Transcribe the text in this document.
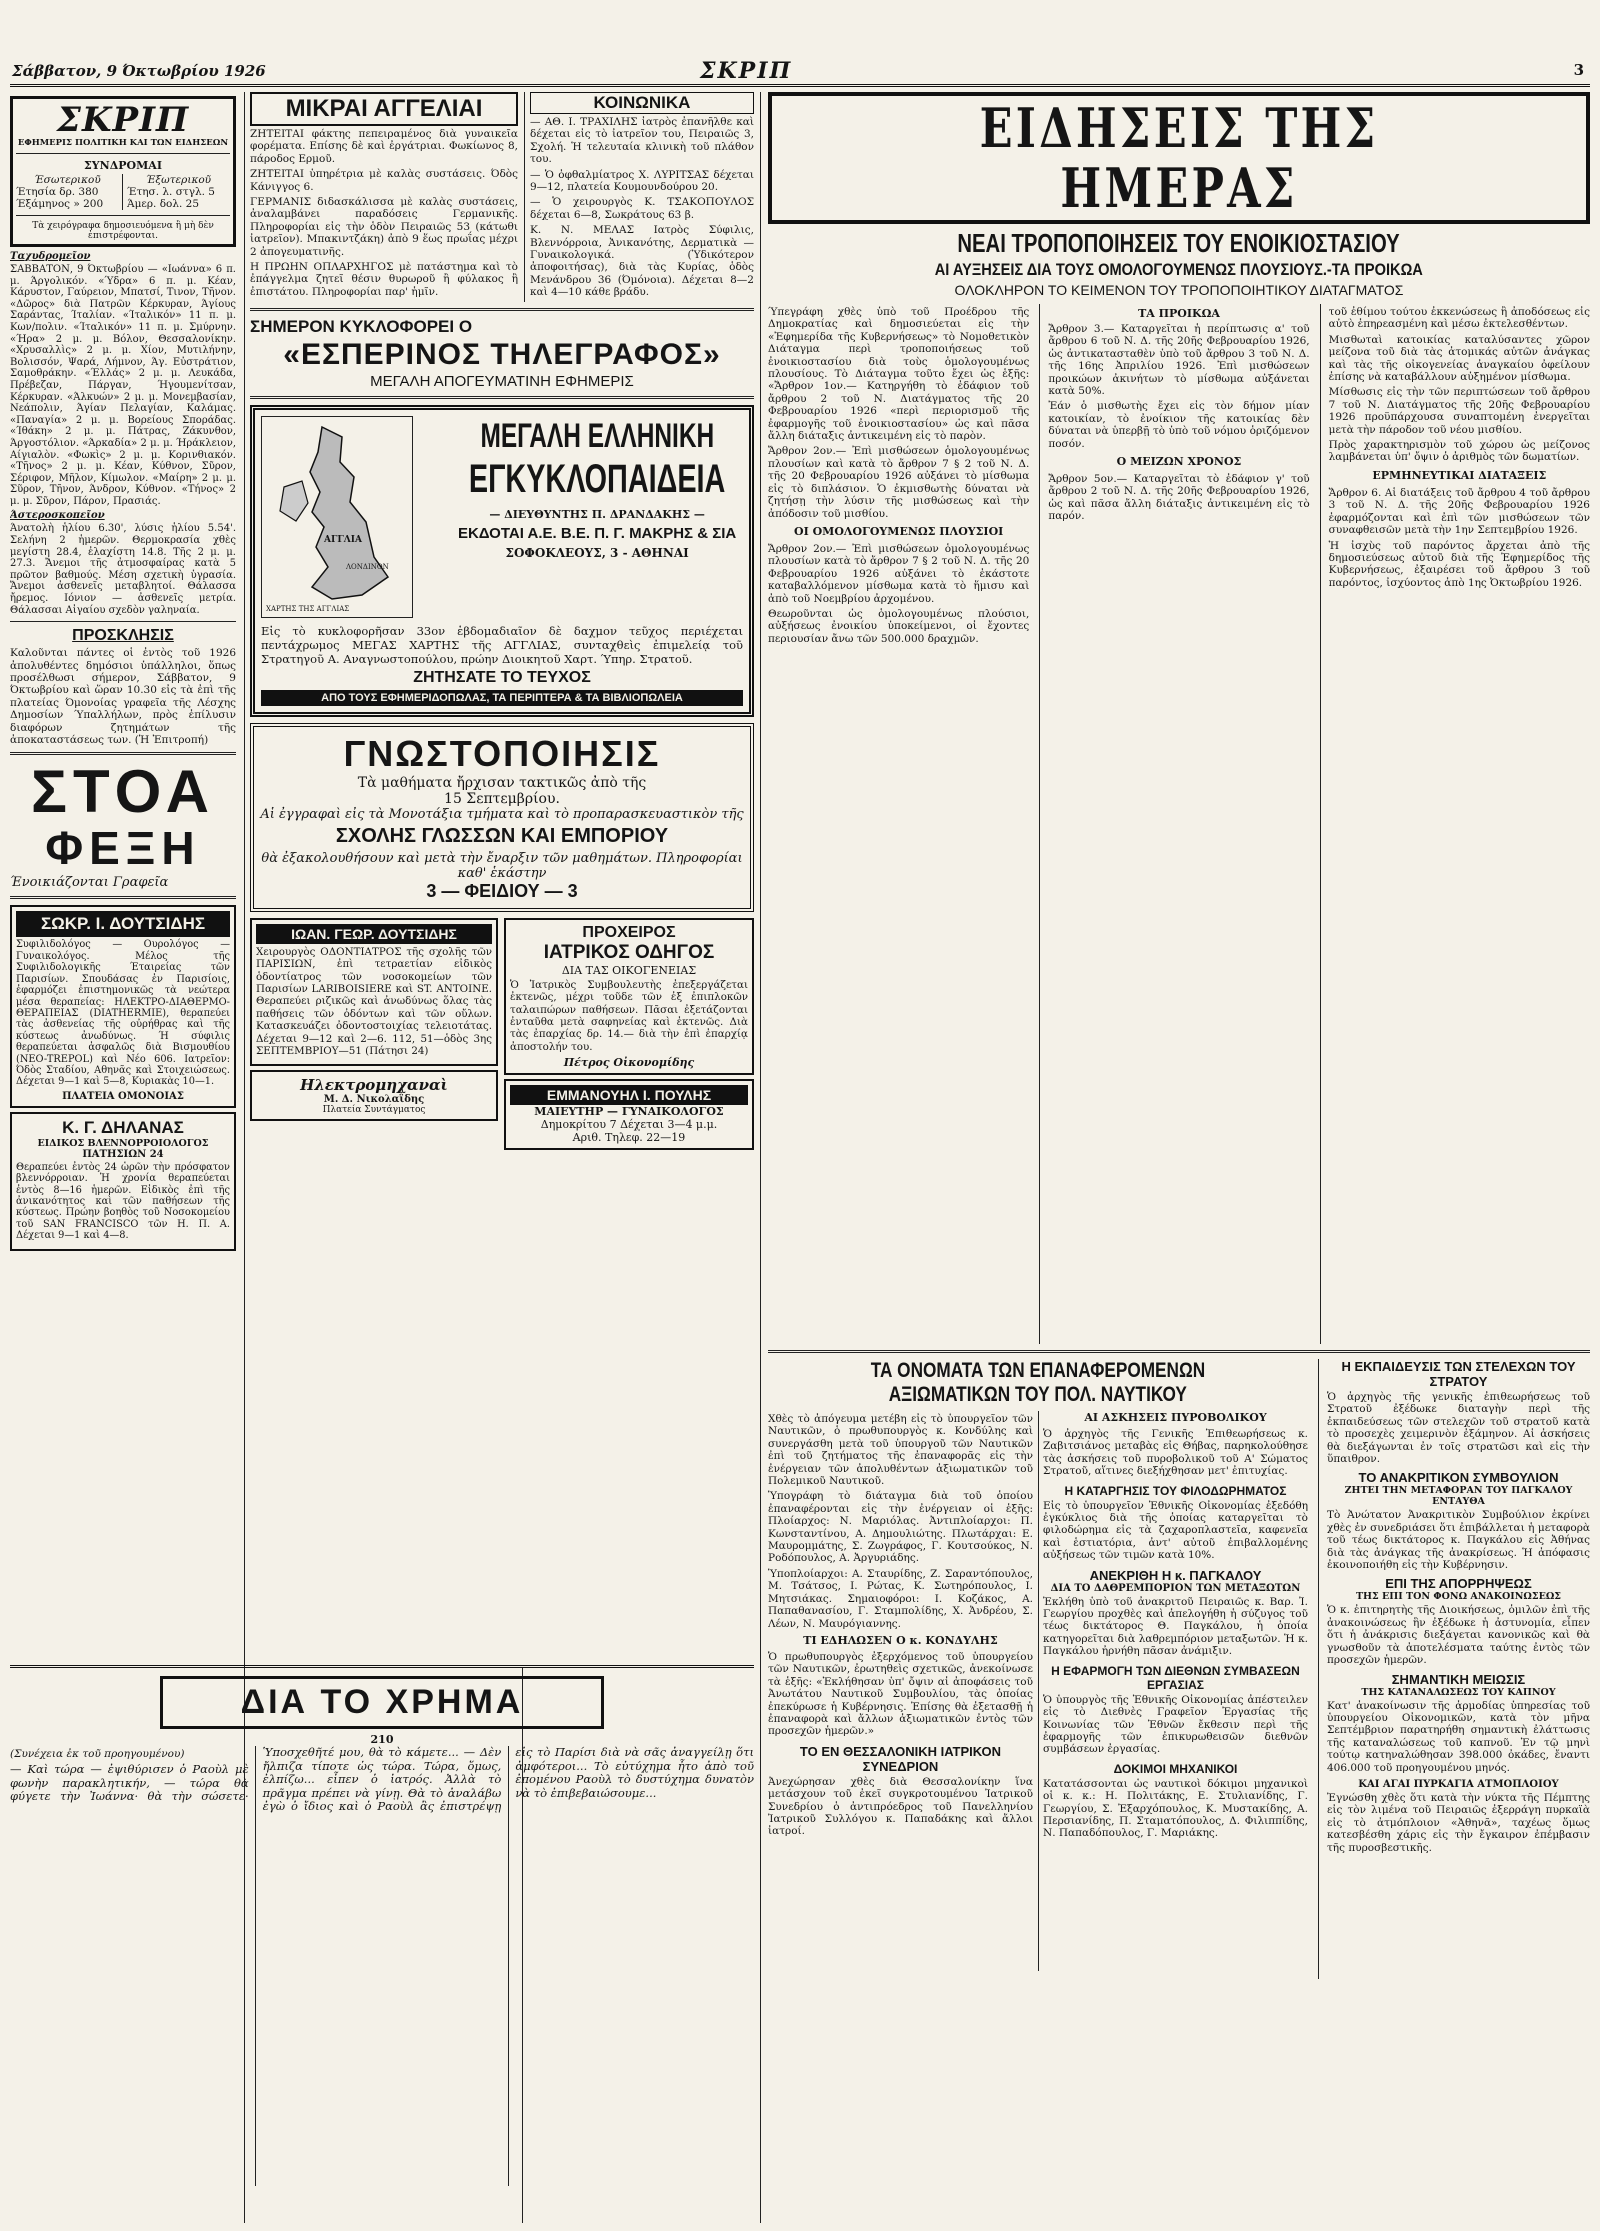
Σάββατον, 9 Όκτωβρίου 1926	ΣΚΡΙΠ	3
ΣΚΡΙΠ
ΕΦΗΜΕΡΙΣ ΠΟΛΙΤΙΚΗ ΚΑΙ ΤΩΝ ΕΙΔΗΣΕΩΝ
ΣΥΝΔΡΟΜΑΙ
Έσωτερικοῦ
Έτησία δρ. 380
Έξάμηνος » 200
Έξωτερικοῦ
Έτησ. λ. στγλ. 5
Άμερ. δολ. 25
Τὰ χειρόγραφα δημοσιευόμενα ἢ μὴ δὲν ἐπιστρέφονται.
Ταχυδρομεῖον
ΣΑΒΒΑΤΟΝ, 9 Όκτωβρίου — «Ιωάννα» 6 π. μ. Άργολικόν. «Ύδρα» 6 π. μ. Κέαν, Κάρυστον, Γαύρειον, Μπατσί, Τινον, Τῆνον. «Δῶρος» διὰ Πατρῶν Κέρκυραν, Άγίους Σαράντας, Ίταλίαν. «Ίταλικόν» 11 π. μ. Κων/πολιν. «Ίταλικόν» 11 π. μ. Σμύρνην. «Ήρα» 2 μ. μ. Βόλον, Θεσσαλονίκην. «Χρυσαλλὶς» 2 μ. μ. Χίον, Μυτιλήνην, Βολισσόν, Ψαρά, Λήμνον, Άγ. Εὐστράτιον, Σαμοθράκην. «Έλλάς» 2 μ. μ. Λευκάδα, Πρέβεζαν, Πάργαν, Ήγουμενίτσαν, Κέρκυραν. «Άλκυών» 2 μ. μ. Μονεμβασίαν, Νεάπολιν, Άγίαν Πελαγίαν, Καλάμας. «Παναγία» 2 μ. μ. Βορείους Σποράδας. «Ίθάκη» 2 μ. μ. Πάτρας, Ζάκυνθον, Άργοστόλιον. «Άρκαδία» 2 μ. μ. Ήράκλειον, Αίγιαλὸν. «Φωκὶς» 2 μ. μ. Κορινθιακόν. «Τῆνος» 2 μ. μ. Κέαν, Κύθνον, Σῦρον, Σέριφον, Μῆλον, Κίμωλον. «Μαίρη» 2 μ. μ. Σῦρον, Τῆνον, Άνδρον, Κύθνον. «Τήνος» 2 μ. μ. Σῦρον, Πάρον, Πρασιάς.
Άστεροσκοπεῖον
Άνατολὴ ἡλίου 6.30', λύσις ἡλίου 5.54'. Σελήνη 2 ἡμερῶν. Θερμοκρασία χθὲς μεγίστη 28.4, ἐλαχίστη 14.8. Τῆς 2 μ. μ. 27.3. Ἄνεμοι τῆς ἀτμοσφαίρας κατὰ 5 πρῶτον βαθμούς. Μέση σχετικὴ ὑγρασία. Ἄνεμοι ἀσθενεῖς μεταβλητοί. Θάλασσα ἤρεμος. Ιόνιον — ἀσθενεῖς μετρία. Θάλασσαι Αἰγαίου σχεδὸν γαληναία.
ΠΡΟΣΚΛΗΣΙΣ
Καλοῦνται πάντες οἱ ἐντὸς τοῦ 1926 ἀπολυθέντες δημόσιοι ὑπάλληλοι, ὅπως προσέλθωσι σήμερον, Σάββατον, 9 Όκτωβρίου καὶ ὥραν 10.30 εἰς τὰ ἐπὶ τῆς πλατείας Όμονοίας γραφεῖα τῆς Λέσχης Δημοσίων Ύπαλλήλων, πρὸς ἐπίλυσιν διαφόρων ζητημάτων τῆς ἀποκαταστάσεως των. (Ἡ Ἐπιτροπή)
ΣΤΟΑ
ΦΕΞΗ
Ένοικιάζονται Γραφεῖα
ΣΩΚΡ. Ι. ΔΟΥΤΣΙΔΗΣ
Συφιλιδολόγος — Ουρολόγος — Γυναικολόγος. Μέλος τῆς Συφιλιδολογικῆς Έταιρείας τῶν Παρισίων. Σπουδάσας ἐν Παρισίοις, ἐφαρμόζει ἐπιστημονικῶς τὰ νεώτερα μέσα θεραπείας: ΗΛΕΚΤΡΟ-ΔΙΑΘΕΡΜΟ-ΘΕΡΑΠΕΙΑΣ (DIATHERMIE), θεραπεύει τὰς ἀσθενείας τῆς οὐρήθρας καὶ τῆς κύστεως ἀνωδύνως. Ή σύφιλις θεραπεύεται ἀσφαλῶς διὰ Βισμουθίου (NEO-TREPOL) καὶ Νέο 606. Ιατρεῖον: Όδὸς Σταδίου, Αθηνᾶς καὶ Στοιχειώσεως. Δέχεται 9—1 καὶ 5—8, Κυριακὰς 10—1.
ΠΛΑΤΕΙΑ ΟΜΟΝΟΙΑΣ
Κ. Γ. ΔΗΛΑΝΑΣ
ΕΙΔΙΚΟΣ ΒΛΕΝΝΟΡΡΟΙΟΛΟΓΟΣ
ΠΑΤΗΣΙΩΝ 24
Θεραπεύει ἐντὸς 24 ὡρῶν τὴν πρόσφατον βλεννόρροιαν. Ἡ χρονία θεραπεύεται ἐντὸς 8—16 ἡμερῶν. Εἰδικὸς ἐπὶ τῆς ἀνικανότητος καὶ τῶν παθήσεων τῆς κύστεως. Πρώην βοηθὸς τοῦ Νοσοκομείου τοῦ SAN FRANCISCO τῶν Η. Π. Α. Δέχεται 9—1 καὶ 4—8.
ΜΙΚΡΑΙ ΑΓΓΕΛΙΑΙ
ΖΗΤΕΙΤΑΙ φάκτης πεπειραμένος διὰ γυναικεῖα φορέματα. Επίσης δὲ καὶ ἐργάτριαι. Φωκίωνος 8, πάροδος Ερμοῦ.
ΖΗΤΕΙΤΑΙ ὑπηρέτρια μὲ καλὰς συστάσεις. Όδὸς Κάνιγγος 6.
ΓΕΡΜΑΝΙΣ διδασκάλισσα μὲ καλὰς συστάσεις, ἀναλαμβάνει παραδόσεις Γερμανικῆς. Πληροφορίαι εἰς τὴν ὁδὸν Πειραιῶς 53 (κάτωθι ἰατρεῖον). Μπακιντζάκη) ἀπὸ 9 ἕως πρωΐας μέχρι 2 ἀπογευματινῆς.
Η ΠΡΩΗΝ ΟΠΛΑΡΧΗΓΟΣ μὲ πατάστημα καὶ τὸ ἐπάγγελμα ζητεῖ θέσιν θυρωροῦ ἢ φύλακος ἢ ἐπιστάτου. Πληροφορίαι παρ' ἡμῖν.
ΚΟΙΝΩΝΙΚΑ
— ΑΘ. Ι. ΤΡΑΧΙΛΗΣ ἰατρὸς ἐπανῆλθε καὶ δέχεται εἰς τὸ ἰατρεῖον του, Πειραιῶς 3, Σχολή. Ἡ τελευταία κλινικὴ τοῦ πλάθον του.
— Ὁ ὀφθαλμίατρος Χ. ΛΥΡΙΤΣΑΣ δέχεται 9—12, πλατεία Κουμουνδούρου 20.
— Ὁ χειρουργὸς Κ. ΤΣΑΚΟΠΟΥΛΟΣ δέχεται 6—8, Σωκράτους 63 β.
Κ. Ν. ΜΕΛΑΣ Ιατρὸς Σύφιλις, Βλεννόρροια, Ἀνικανότης, Δερματικὰ — Γυναικολογικά. (Ὑδικότερον ἀποφοιτήσας), διὰ τὰς Κυρίας, ὁδὸς Μενάνδρου 36 (Όμόνοια). Δέχεται 8—2 καὶ 4—10 κάθε βράδυ.
ΣΗΜΕΡΟΝ ΚΥΚΛΟΦΟΡΕΙ Ο
«ΕΣΠΕΡΙΝΟΣ ΤΗΛΕΓΡΑΦΟΣ»
ΜΕΓΑΛΗ ΑΠΟΓΕΥΜΑΤΙΝΗ ΕΦΗΜΕΡΙΣ
ΑΓΓΛΙΑ
ΛΟΝΔΙΝΟΝ
ΧΑΡΤΗΣ ΤΗΣ ΑΓΓΛΙΑΣ
ΜΕΓΑΛΗ ΕΛΛΗΝΙΚΗ
ΕΓΚΥΚΛΟΠΑΙΔΕΙΑ
— ΔΙΕΥΘΥΝΤΗΣ Π. ΔΡΑΝΔΑΚΗΣ —
ΕΚΔΟΤΑΙ Α.Ε. Β.Ε. Π. Γ. ΜΑΚΡΗΣ & ΣΙΑ
ΣΟΦΟΚΛΕΟΥΣ, 3 - ΑΘΗΝΑΙ
Εἰς τὸ κυκλοφορῆσαν 33ον ἑβδομαδιαῖον δὲ δαχμον τεῦχος περιέχεται πεντάχρωμος ΜΕΓΑΣ ΧΑΡΤΗΣ τῆς ΑΓΓΛΙΑΣ, συνταχθεὶς ἐπιμελείᾳ τοῦ Στρατηγοῦ Α. Αναγνωστοπούλου, πρώην Διοικητοῦ Χαρτ. Ύπηρ. Στρατοῦ.
ΖΗΤΗΣΑΤΕ ΤΟ ΤΕΥΧΟΣ
ΑΠΟ ΤΟΥΣ ΕΦΗΜΕΡΙΔΟΠΩΛΑΣ, ΤΑ ΠΕΡΙΠΤΕΡΑ & ΤΑ ΒΙΒΛΙΟΠΩΛΕΙΑ
ΓΝΩΣΤΟΠΟΙΗΣΙΣ
Τὰ μαθήματα ἤρχισαν τακτικῶς ἀπὸ τῆς
15 Σεπτεμβρίου.
Αἱ ἐγγραφαὶ εἰς τὰ Μονοτάξια τμήματα καὶ τὸ προπαρασκευαστικὸν τῆς
ΣΧΟΛΗΣ ΓΛΩΣΣΩΝ ΚΑΙ ΕΜΠΟΡΙΟΥ
θὰ ἐξακολουθήσουν καὶ μετὰ τὴν ἔναρξιν τῶν μαθημάτων. Πληροφορίαι καθ' ἑκάστην
3 — ΦΕΙΔΙΟΥ — 3
ΙΩΑΝ. ΓΕΩΡ. ΔΟΥΤΣΙΔΗΣ
Χειρουργὸς ΟΔΟΝΤΙΑΤΡΟΣ τῆς σχολῆς τῶν ΠΑΡΙΣΙΩΝ, ἐπὶ τετραετίαν εἰδικὸς ὁδοντίατρος τῶν νοσοκομείων τῶν Παρισίων LARIBOISIERE καὶ ST. ANTOINE. Θεραπεύει ριζικῶς καὶ ἀνωδύνως ὅλας τὰς παθήσεις τῶν ὀδόντων καὶ τῶν οὔλων. Κατασκευάζει ὀδοντοστοιχίας τελειοτάτας. Δέχεται 9—12 καὶ 2—6. 112, 51—ὁδὸς 3ης ΣΕΠΤΕΜΒΡΙΟΥ—51 (Πάτησι 24)
Ηλεκτρομηχαναὶ
Μ. Δ. Νικολαΐδης
Πλατεία Συντάγματος
ΠΡΟΧΕΙΡΟΣ
ΙΑΤΡΙΚΟΣ ΟΔΗΓΟΣ
ΔΙΑ ΤΑΣ ΟΙΚΟΓΕΝΕΙΑΣ
Ὁ Ἰατρικὸς Συμβουλευτὴς ἐπεξεργάζεται ἐκτενῶς, μέχρι τοῦδε τῶν ἐξ ἐπιπλοκῶν ταλαιπώρων παθήσεων. Πᾶσαι ἐξετάζονται ἐνταῦθα μετὰ σαφηνείας καὶ ἐκτενῶς. Διὰ τὰς ἐπαρχίας δρ. 14.— διὰ τὴν ἐπὶ ἐπαρχίᾳ ἀποστολήν του.
Πέτρος Οἰκονομίδης
ΕΜΜΑΝΟΥΗΛ Ι. ΠΟΥΛΗΣ
ΜΑΙΕΥΤΗΡ — ΓΥΝΑΙΚΟΛΟΓΟΣ
Δημοκρίτου 7 Δέχεται 3—4 μ.μ.
Αριθ. Τηλεφ. 22—19
ΔΙΑ ΤΟ ΧΡΗΜΑ
210
(Συνέχεια ἐκ τοῦ προηγουμένου)
— Καὶ τώρα — ἐψιθύρισεν ὁ Ραοὺλ μὲ φωνὴν παρακλητικήν, — τώρα θὰ φύγετε τὴν Ἰωάννα· θὰ τὴν σώσετε· Ὑποσχεθῆτέ μου, θὰ τὸ κάμετε... — Δὲν ἤλπιζα τίποτε ὡς τώρα. Τώρα, ὅμως, ἐλπίζω... εἶπεν ὁ ἰατρός. Ἀλλὰ τὸ πρᾶγμα πρέπει νὰ γίνῃ. Θὰ τὸ ἀναλάβω ἐγὼ ὁ ἴδιος καὶ ὁ Ραοὺλ ἂς ἐπιστρέψῃ εἰς τὸ Παρίσι διὰ νὰ σᾶς ἀναγγείλῃ ὅτι ἀμφότεροι... Τὸ εὐτύχημα ἦτο ἀπὸ τοῦ ἐπομένου Ραοὺλ τὸ δυστύχημα δυνατὸν νὰ τὸ ἐπιβεβαιώσουμε...
ΕΙΔΗΣΕΙΣ ΤΗΣ ΗΜΕΡΑΣ
ΝΕΑΙ ΤΡΟΠΟΠΟΙΗΣΕΙΣ ΤΟΥ ΕΝΟΙΚΙΟΣΤΑΣΙΟΥ
ΑΙ ΑΥΞΗΣΕΙΣ ΔΙΑ ΤΟΥΣ ΟΜΟΛΟΓΟΥΜΕΝΩΣ ΠΛΟΥΣΙΟΥΣ.-ΤΑ ΠΡΟΙΚΩΑ
ΟΛΟΚΛΗΡΟΝ ΤΟ ΚΕΙΜΕΝΟΝ ΤΟΥ ΤΡΟΠΟΠΟΙΗΤΙΚΟΥ ΔΙΑΤΑΓΜΑΤΟΣ
Ύπεγράφη χθὲς ὑπὸ τοῦ Προέδρου τῆς Δημοκρατίας καὶ δημοσιεύεται εἰς τὴν «Ἐφημερίδα τῆς Κυβερνήσεως» τὸ Νομοθετικὸν Διάταγμα περὶ τροποποιήσεως τοῦ ἐνοικιοστασίου διὰ τοὺς ὁμολογουμένως πλουσίους. Τὸ Διάταγμα τοῦτο ἔχει ὡς ἑξῆς: «Ἄρθρον 1ον.— Κατηργήθη τὸ ἐδάφιον τοῦ ἄρθρου 2 τοῦ Ν. Διατάγματος τῆς 20 Φεβρουαρίου 1926 «περὶ περιορισμοῦ τῆς ἐφαρμογῆς τοῦ ἐνοικιοστασίου» ὡς καὶ πᾶσα ἄλλη διάταξις ἀντικειμένη εἰς τὸ παρὸν.
Ἄρθρον 2ον.— Ἐπὶ μισθώσεων ὁμολογουμένως πλουσίων καὶ κατὰ τὸ ἄρθρον 7 § 2 τοῦ Ν. Δ. τῆς 20 Φεβρουαρίου 1926 αὐξάνει τὸ μίσθωμα εἰς τὸ διπλάσιον. Ὁ ἐκμισθωτὴς δύναται νὰ ζητήσῃ τὴν λύσιν τῆς μισθώσεως καὶ τὴν ἀπόδοσιν τοῦ μισθίου.
ΟΙ ΟΜΟΛΟΓΟΥΜΕΝΩΣ ΠΛΟΥΣΙΟΙ
Ἄρθρον 2ον.— Ἐπὶ μισθώσεων ὁμολογουμένως πλουσίων κατὰ τὸ ἄρθρον 7 § 2 τοῦ Ν. Δ. τῆς 20 Φεβρουαρίου 1926 αὐξάνει τὸ ἐκάστοτε καταβαλλόμενον μίσθωμα κατὰ τὸ ἥμισυ καὶ ἀπὸ τοῦ Νοεμβρίου ἀρχομένου.
Θεωροῦνται ὡς ὁμολογουμένως πλούσιοι, αὐξήσεως ἐνοικίου ὑποκείμενοι, οἱ ἔχοντες περιουσίαν ἄνω τῶν 500.000 δραχμῶν.
ΤΑ ΠΡΟΙΚΩΑ
Ἄρθρον 3.— Καταργεῖται ἡ περίπτωσις α' τοῦ ἄρθρου 6 τοῦ Ν. Δ. τῆς 20ῆς Φεβρουαρίου 1926, ὡς ἀντικατασταθὲν ὑπὸ τοῦ ἄρθρου 3 τοῦ Ν. Δ. τῆς 16ης Ἀπριλίου 1926. Ἐπὶ μισθώσεων προικώων ἀκινήτων τὸ μίσθωμα αὐξάνεται κατὰ 50%.
Ἐάν ὁ μισθωτὴς ἔχει εἰς τὸν δήμον μίαν κατοικίαν, τὸ ἐνοίκιον τῆς κατοικίας δὲν δύναται νὰ ὑπερβῇ τὸ ὑπὸ τοῦ νόμου ὁριζόμενον ποσόν.
Ο ΜΕΙΖΩΝ ΧΡΟΝΟΣ
Ἄρθρον 5ον.— Καταργεῖται τὸ ἐδάφιον γ' τοῦ ἄρθρου 2 τοῦ Ν. Δ. τῆς 20ῆς Φεβρουαρίου 1926, ὡς καὶ πᾶσα ἄλλη διάταξις ἀντικειμένη εἰς τὸ παρόν.
τοῦ ἐθίμου τούτου ἐκκενώσεως ἢ ἀποδόσεως εἰς αὐτὸ ἐπηρεασμένη καὶ μέσω ἐκτελεσθέντων.
Μισθωταὶ κατοικίας καταλύσαντες χῶρον μείζονα τοῦ διὰ τὰς ἀτομικάς αὐτῶν ἀνάγκας καὶ τὰς τῆς οἰκογενείας ἀναγκαίου ὀφείλουν ἐπίσης νὰ καταβάλλουν αὐξημένον μίσθωμα.
Μίσθωσις εἰς τὴν τῶν περιπτώσεων τοῦ ἄρθρου 7 τοῦ Ν. Διατάγματος τῆς 20ῆς Φεβρουαρίου 1926 προϋπάρχουσα συναπτομένη ἐνεργεῖται μετὰ τὴν πάροδον τοῦ νέου μισθίου.
Πρὸς χαρακτηρισμὸν τοῦ χώρου ὡς μείζονος λαμβάνεται ὑπ' ὄψιν ὁ ἀριθμὸς τῶν δωματίων.
ΕΡΜΗΝΕΥΤΙΚΑΙ ΔΙΑΤΑΞΕΙΣ
Ἄρθρον 6. Αἱ διατάξεις τοῦ ἄρθρου 4 τοῦ ἄρθρου 3 τοῦ Ν. Δ. τῆς 20ῆς Φεβρουαρίου 1926 ἐφαρμόζονται καὶ ἐπὶ τῶν μισθώσεων τῶν συναφθεισῶν μετὰ τὴν 1ην Σεπτεμβρίου 1926.
Ἡ ἰσχὺς τοῦ παρόντος ἄρχεται ἀπὸ τῆς δημοσιεύσεως αὐτοῦ διὰ τῆς Ἐφημερίδος τῆς Κυβερνήσεως, ἐξαιρέσει τοῦ ἄρθρου 3 τοῦ παρόντος, ἰσχύοντος ἀπὸ 1ης Ὀκτωβρίου 1926.
ΤΑ ΟΝΟΜΑΤΑ ΤΩΝ ΕΠΑΝΑΦΕΡΟΜΕΝΩΝ
ΑΞΙΩΜΑΤΙΚΩΝ ΤΟΥ ΠΟΛ. ΝΑΥΤΙΚΟΥ
Χθὲς τὸ ἀπόγευμα μετέβη εἰς τὸ ὑπουργεῖον τῶν Ναυτικῶν, ὁ πρωθυπουργὸς κ. Κονδύλης καὶ συνεργάσθη μετὰ τοῦ ὑπουργοῦ τῶν Ναυτικῶν ἐπὶ τοῦ ζητήματος τῆς ἐπαναφορᾶς εἰς τὴν ἐνέργειαν τῶν ἀπολυθέντων ἀξιωματικῶν τοῦ Πολεμικοῦ Ναυτικοῦ.
Ὑπογράφη τὸ διάταγμα διὰ τοῦ ὁποίου ἐπαναφέρονται εἰς τὴν ἐνέργειαν οἱ ἑξῆς: Πλοίαρχος: Ν. Μαριόλας. Ἀντιπλοίαρχοι: Π. Κωνσταντίνου, Α. Δημουλιώτης. Πλωτάρχαι: Ε. Μαυρομμάτης, Σ. Ζωγράφος, Γ. Κουτσούκος, Ν. Ροδόπουλος, Α. Ἀργυριάδης.
Ὑποπλοίαρχοι: Α. Σταυρίδης, Ζ. Σαραντόπουλος, Μ. Τσάτσος, Ι. Ρώτας, Κ. Σωτηρόπουλος, Ι. Μητσιάκας. Σημαιοφόροι: Ι. Κοζάκος, Α. Παπαθανασίου, Γ. Σταμπολίδης, Χ. Ἀνδρέου, Σ. Λέων, Ν. Μαυρόγιαννης.
ΤΙ ΕΔΗΛΩΣΕΝ Ο κ. ΚΟΝΔΥΛΗΣ
Ὁ πρωθυπουργὸς ἐξερχόμενος τοῦ ὑπουργείου τῶν Ναυτικῶν, ἐρωτηθεὶς σχετικῶς, ἀνεκοίνωσε τὰ ἑξῆς: «Ἐκλήθησαν ὑπ' ὄψιν αἱ ἀποφάσεις τοῦ Ἀνωτάτου Ναυτικοῦ Συμβουλίου, τὰς ὁποίας ἐπεκύρωσε ἡ Κυβέρνησις. Ἐπίσης θὰ ἐξετασθῇ ἡ ἐπαναφορὰ καὶ ἄλλων ἀξιωματικῶν ἐντὸς τῶν προσεχῶν ἡμερῶν.»
ΤΟ ΕΝ ΘΕΣΣΑΛΟΝΙΚΗ ΙΑΤΡΙΚΟΝ ΣΥΝΕΔΡΙΟΝ
Ἀνεχώρησαν χθὲς διὰ Θεσσαλονίκην ἵνα μετάσχουν τοῦ ἐκεῖ συγκροτουμένου Ἰατρικοῦ Συνεδρίου ὁ ἀντιπρόεδρος τοῦ Πανελληνίου Ἰατρικοῦ Συλλόγου κ. Παπαδάκης καὶ ἄλλοι ἰατροί.
ΑΙ ΑΣΚΗΣΕΙΣ ΠΥΡΟΒΟΛΙΚΟΥ
Ὁ ἀρχηγὸς τῆς Γενικῆς Ἐπιθεωρήσεως κ. Ζαβιτσιάνος μεταβὰς εἰς Θήβας, παρηκολούθησε τὰς ἀσκήσεις τοῦ πυροβολικοῦ τοῦ Α' Σώματος Στρατοῦ, αἵτινες διεξήχθησαν μετ' ἐπιτυχίας.
Η ΚΑΤΑΡΓΗΣΙΣ ΤΟΥ ΦΙΛΟΔΩΡΗΜΑΤΟΣ
Εἰς τὸ ὑπουργεῖον Ἐθνικῆς Οἰκονομίας ἐξεδόθη ἐγκύκλιος διὰ τῆς ὁποίας καταργεῖται τὸ φιλοδώρημα εἰς τὰ ζαχαροπλαστεῖα, καφενεῖα καὶ ἑστιατόρια, ἀντ' αὐτοῦ ἐπιβαλλομένης αὐξήσεως τῶν τιμῶν κατὰ 10%.
ΑΝΕΚΡΙΘΗ Η κ. ΠΑΓΚΑΛΟΥ
ΔΙΑ ΤΟ ΔΑΘΡΕΜΠΟΡΙΟΝ ΤΩΝ ΜΕΤΑΞΩΤΩΝ
Ἐκλήθη ὑπὸ τοῦ ἀνακριτοῦ Πειραιῶς κ. Βαρ. Ἰ. Γεωργίου προχθὲς καὶ ἀπελογήθη ἡ σύζυγος τοῦ τέως δικτάτορος Θ. Παγκάλου, ἡ ὁποία κατηγορεῖται διὰ λαθρεμπόριον μεταξωτῶν. Ἡ κ. Παγκάλου ἠρνήθη πᾶσαν ἀνάμιξιν.
Η ΕΦΑΡΜΟΓΗ ΤΩΝ ΔΙΕΘΝΩΝ ΣΥΜΒΑΣΕΩΝ ΕΡΓΑΣΙΑΣ
Ὁ ὑπουργὸς τῆς Ἐθνικῆς Οἰκονομίας ἀπέστειλεν εἰς τὸ Διεθνὲς Γραφεῖον Ἐργασίας τῆς Κοινωνίας τῶν Ἐθνῶν ἔκθεσιν περὶ τῆς ἐφαρμογῆς τῶν ἐπικυρωθεισῶν διεθνῶν συμβάσεων ἐργασίας.
ΔΟΚΙΜΟΙ ΜΗΧΑΝΙΚΟΙ
Κατατάσσονται ὡς ναυτικοὶ δόκιμοι μηχανικοὶ οἱ κ. κ.: Η. Πολιτάκης, Ε. Στυλιανίδης, Γ. Γεωργίου, Σ. Ἐξαρχόπουλος, Κ. Μυστακίδης, Α. Περσιανίδης, Π. Σταματόπουλος, Δ. Φιλιππίδης, Ν. Παπαδόπουλος, Γ. Μαριάκης.
Η ΕΚΠΑΙΔΕΥΣΙΣ ΤΩΝ ΣΤΕΛΕΧΩΝ ΤΟΥ ΣΤΡΑΤΟΥ
Ὁ ἀρχηγὸς τῆς γενικῆς ἐπιθεωρήσεως τοῦ Στρατοῦ ἐξέδωκε διαταγὴν περὶ τῆς ἐκπαιδεύσεως τῶν στελεχῶν τοῦ στρατοῦ κατὰ τὸ προσεχὲς χειμερινὸν ἐξάμηνον. Αἱ ἀσκήσεις θὰ διεξάγωνται ἐν τοῖς στρατῶσι καὶ εἰς τὴν ὕπαιθρον.
ΤΟ ΑΝΑΚΡΙΤΙΚΟΝ ΣΥΜΒΟΥΛΙΟΝ
ΖΗΤΕΙ ΤΗΝ ΜΕΤΑΦΟΡΑΝ ΤΟΥ ΠΑΓΚΑΛΟΥ ΕΝΤΑΥΘΑ
Τὸ Ἀνώτατον Ἀνακριτικὸν Συμβούλιον ἐκρίνει χθὲς ἐν συνεδριάσει ὅτι ἐπιβάλλεται ἡ μεταφορὰ τοῦ τέως δικτάτορος κ. Παγκάλου εἰς Ἀθήνας διὰ τὰς ἀνάγκας τῆς ἀνακρίσεως. Ἡ ἀπόφασις ἐκοινοποιήθη εἰς τὴν Κυβέρνησιν.
ΕΠΙ ΤΗΣ ΑΠΟΡΡΗΨΕΩΣ
ΤΗΣ ΕΠΙ ΤΟΝ ΦΟΝΩ ΑΝΑΚΟΙΝΩΣΕΩΣ
Ὁ κ. ἐπιτηρητὴς τῆς Διοικήσεως, ὁμιλῶν ἐπὶ τῆς ἀνακοινώσεως ἣν ἐξέδωκε ἡ ἀστυνομία, εἶπεν ὅτι ἡ ἀνάκρισις διεξάγεται κανονικῶς καὶ θὰ γνωσθοῦν τὰ ἀποτελέσματα ταύτης ἐντὸς τῶν προσεχῶν ἡμερῶν.
ΣΗΜΑΝΤΙΚΗ ΜΕΙΩΣΙΣ
ΤΗΣ ΚΑΤΑΝΑΛΩΣΕΩΣ ΤΟΥ ΚΑΠΝΟΥ
Κατ' ἀνακοίνωσιν τῆς ἁρμοδίας ὑπηρεσίας τοῦ ὑπουργείου Οἰκονομικῶν, κατὰ τὸν μῆνα Σεπτέμβριον παρατηρήθη σημαντικὴ ἐλάττωσις τῆς καταναλώσεως τοῦ καπνοῦ. Ἐν τῷ μηνὶ τούτῳ κατηναλώθησαν 398.000 ὀκάδες, ἔναντι 406.000 τοῦ προηγουμένου μηνός.
ΚΑΙ ΑΓΑΙ ΠΥΡΚΑΓΙΑ ΑΤΜΟΠΛΟΙΟΥ
Ἐγνώσθη χθὲς ὅτι κατὰ τὴν νύκτα τῆς Πέμπτης εἰς τὸν λιμένα τοῦ Πειραιῶς ἐξερράγη πυρκαϊὰ εἰς τὸ ἀτμόπλοιον «Ἀθηνᾶ», ταχέως ὅμως κατεσβέσθη χάρις εἰς τὴν ἔγκαιρον ἐπέμβασιν τῆς πυροσβεστικῆς.
